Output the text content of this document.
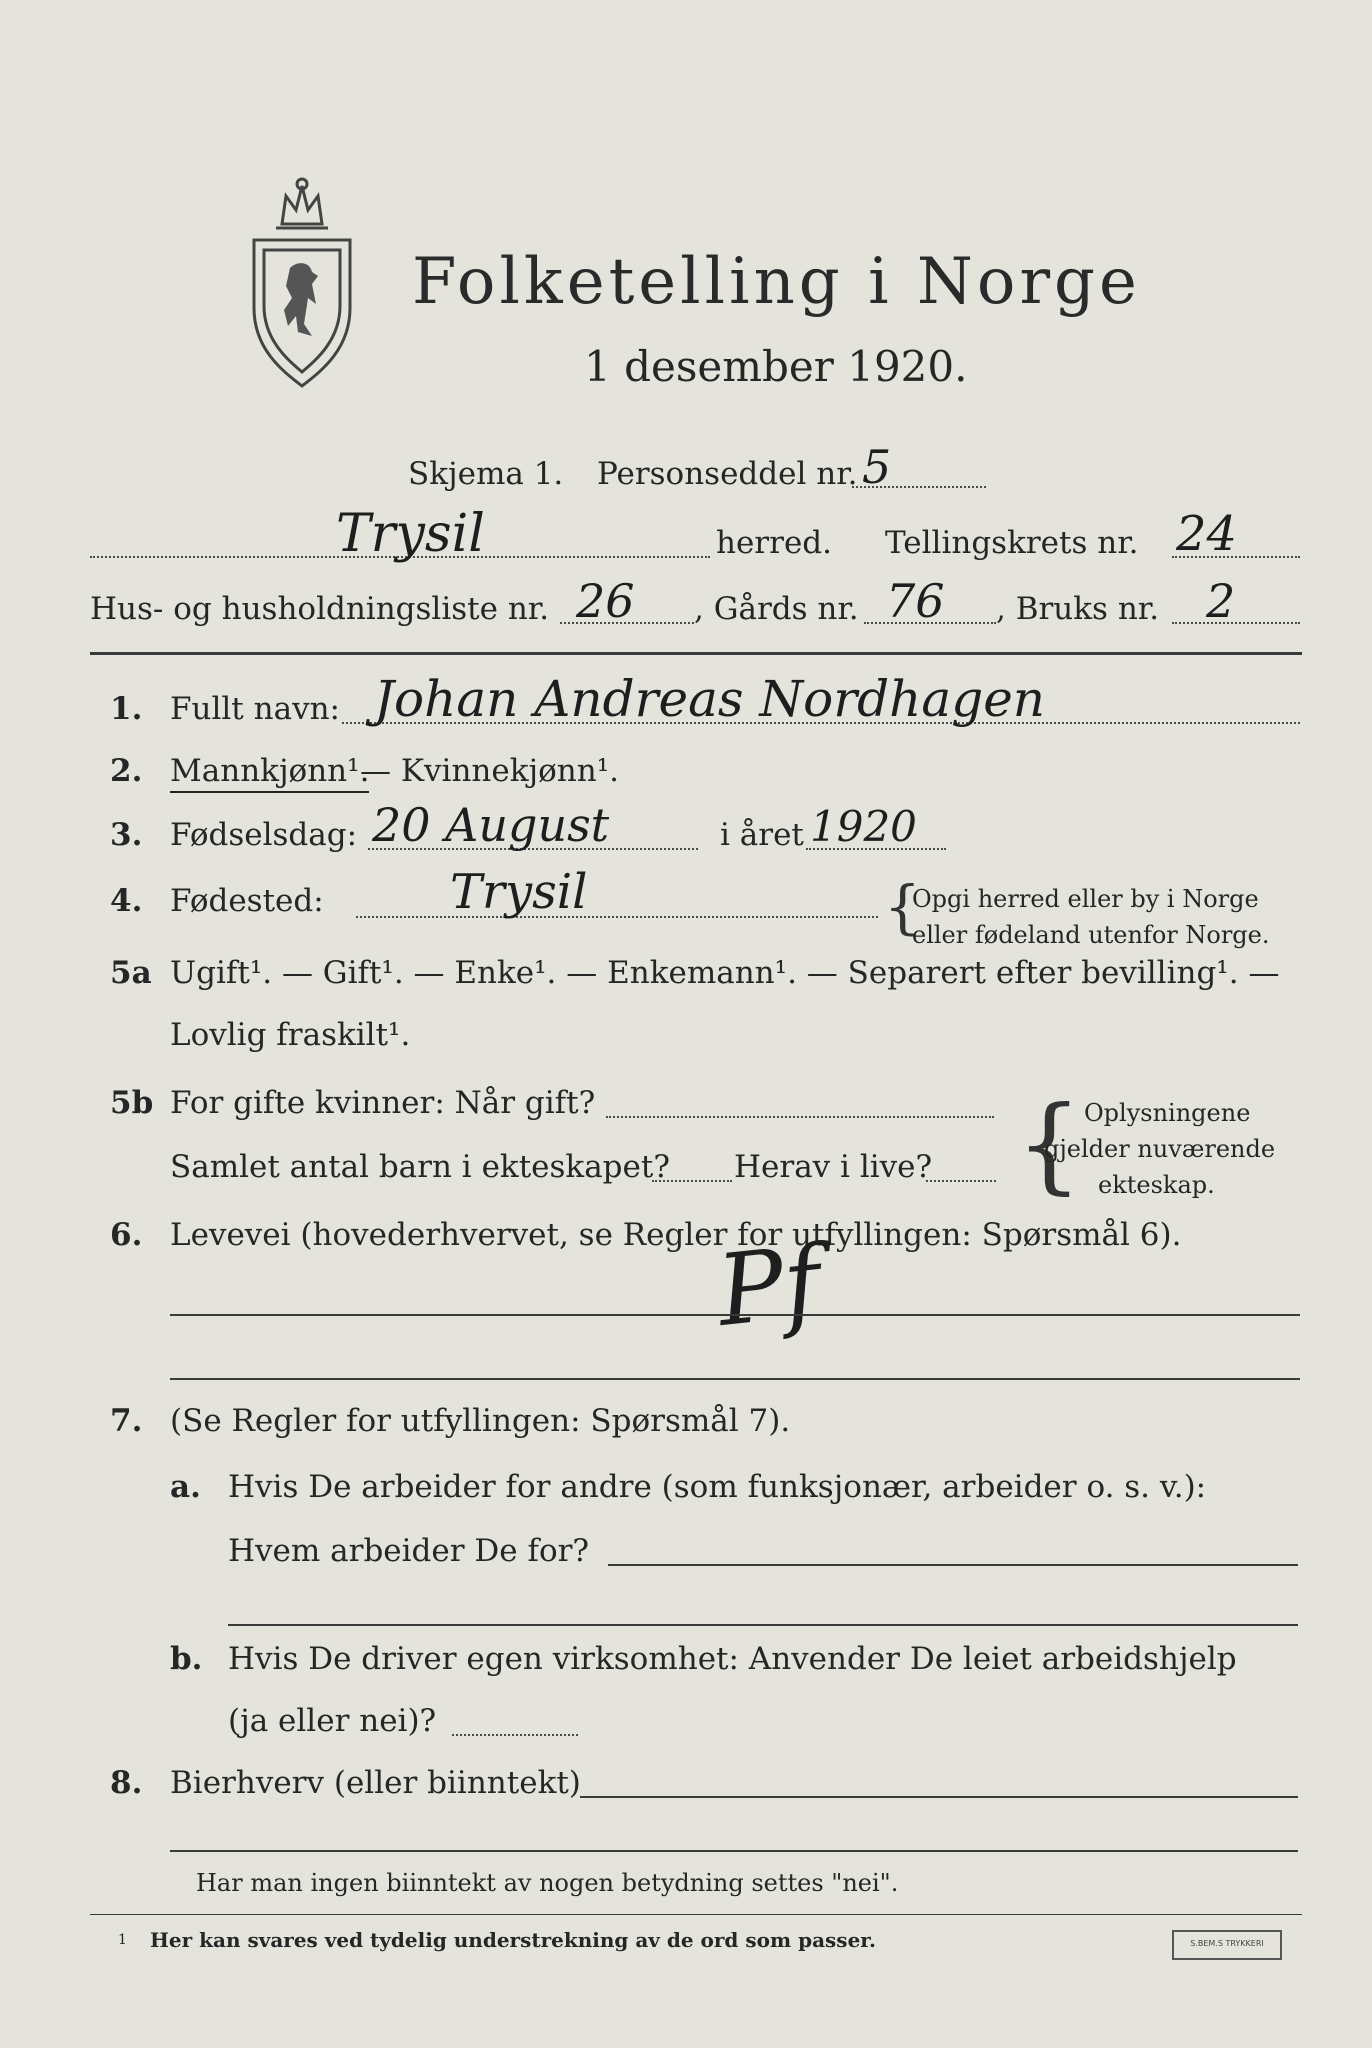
Folketelling i Norge
1 desember 1920.
Skjema 1. Personseddel nr. 5
Trysil	herred. Tellingskrets nr. 24
Hus- og husholdningsliste nr. 26 , Gårds nr. 76 , Bruks nr. 2
1. Fullt navn: Johan Andreas Nordhagen
2. Mannkjønn¹.
— Kvinnekjønn¹.
3. Fødselsdag: 20 August	i året 1920
4. Fødested:	Trysil	{
Opgi herred eller by i Norge
eller fødeland utenfor Norge.
5a Ugift¹. — Gift¹. — Enke¹. — Enkemann¹. — Separert efter bevilling¹. —
Lovlig fraskilt¹.
5b For gifte kvinner: Når gift?
Samlet antal barn i ekteskapet? Herav i live? { Oplysningene
gjelder nuværende
ekteskap.
6. Levevei (hovederhvervet, se Regler for utfyllingen: Spørsmål 6).
Pf
7. (Se Regler for utfyllingen: Spørsmål 7).
a. Hvis De arbeider for andre (som funksjonær, arbeider o. s. v.):
Hvem arbeider De for?
b. Hvis De driver egen virksomhet: Anvender De leiet arbeidshjelp
(ja eller nei)?
8. Bierhverv (eller biinntekt)
Har man ingen biinntekt av nogen betydning settes "nei".
1 Her kan svares ved tydelig understrekning av de ord som passer.	S.BEM.S TRYKKERI
